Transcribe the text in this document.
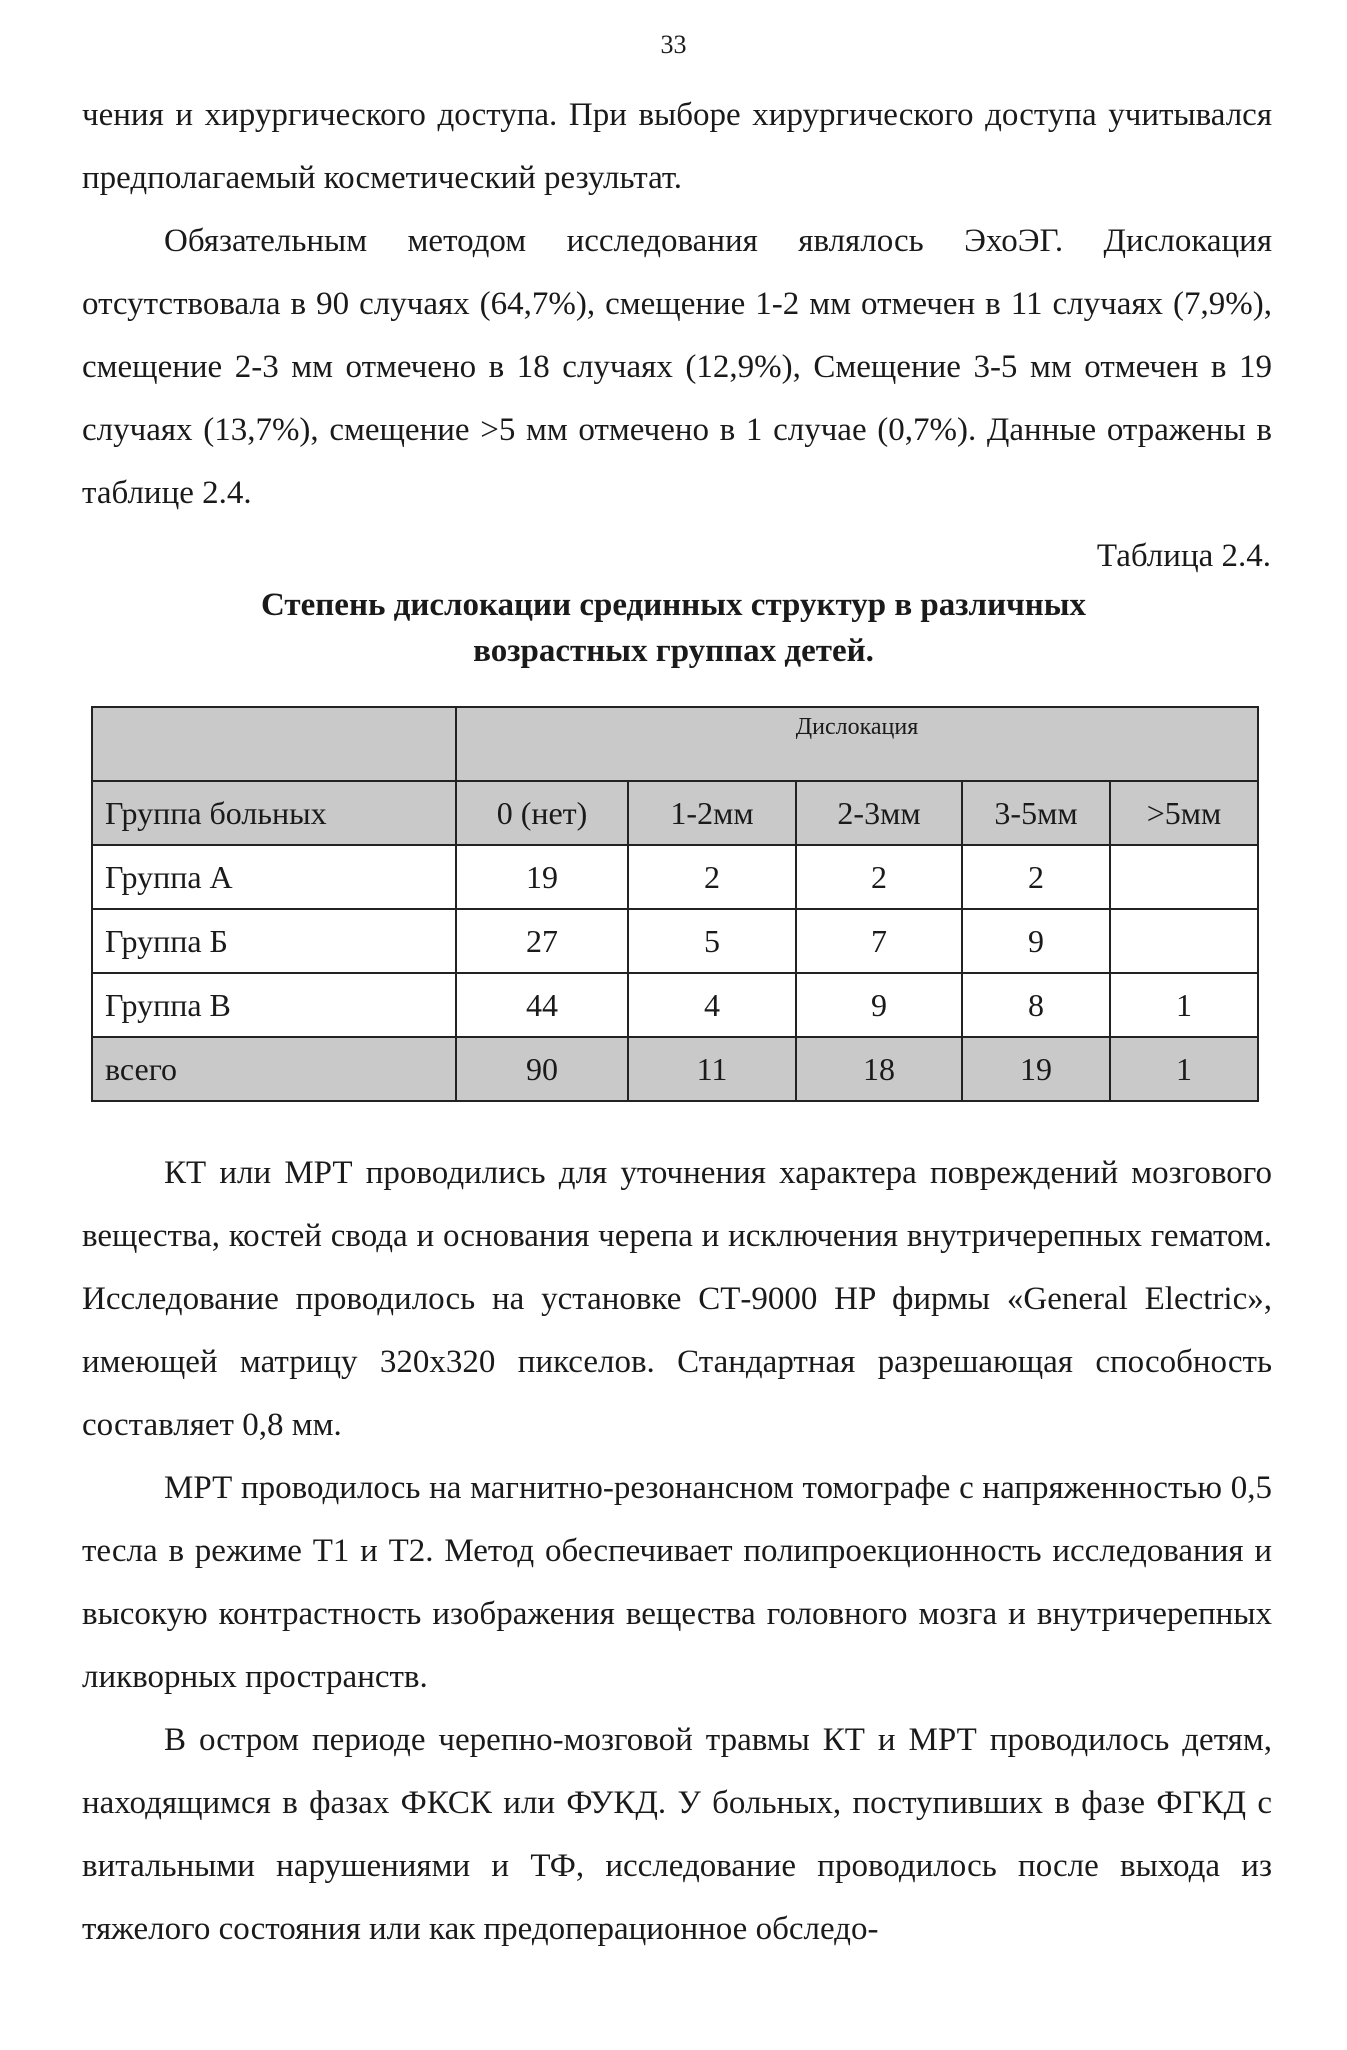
33

чения и хирургического доступа. При выборе хирургического доступа учитывался предполагаемый косметический результат.

Обязательным методом исследования являлось ЭхоЭГ. Дислокация отсутствовала в 90 случаях (64,7%), смещение 1-2 мм отмечен в 11 случаях (7,9%), смещение 2-3 мм отмечено в 18 случаях (12,9%), Смещение 3-5 мм отмечен в 19 случаях (13,7%), смещение >5 мм отмечено в 1 случае (0,7%). Данные отражены в таблице 2.4.

Таблица 2.4.
Степень дислокации срединных структур в различных
возрастных группах детей.
	Дислокация				
Группа больных	0 (нет)	1-2мм	2-3мм	3-5мм	>5мм
Группа А	19	2	2	2	
Группа Б	27	5	7	9	
Группа В	44	4	9	8	1
всего	90	11	18	19	1

КТ или МРТ проводились для уточнения характера повреждений мозгового вещества, костей свода и основания черепа и исключения внутричерепных гематом. Исследование проводилось на установке СТ-9000 HP фирмы «General Electric», имеющей матрицу 320х320 пикселов. Стандартная разрешающая способность составляет 0,8 мм.

МРТ проводилось на магнитно-резонансном томографе с напряженностью 0,5 тесла в режиме Т1 и Т2. Метод обеспечивает полипроекционность исследования и высокую контрастность изображения вещества головного мозга и внутричерепных ликворных пространств.

В остром периоде черепно-мозговой травмы КТ и МРТ проводилось детям, находящимся в фазах ФКСК или ФУКД. У больных, поступивших в фазе ФГКД с витальными нарушениями и ТФ, исследование проводилось после выхода из тяжелого состояния или как предоперационное обследо-
